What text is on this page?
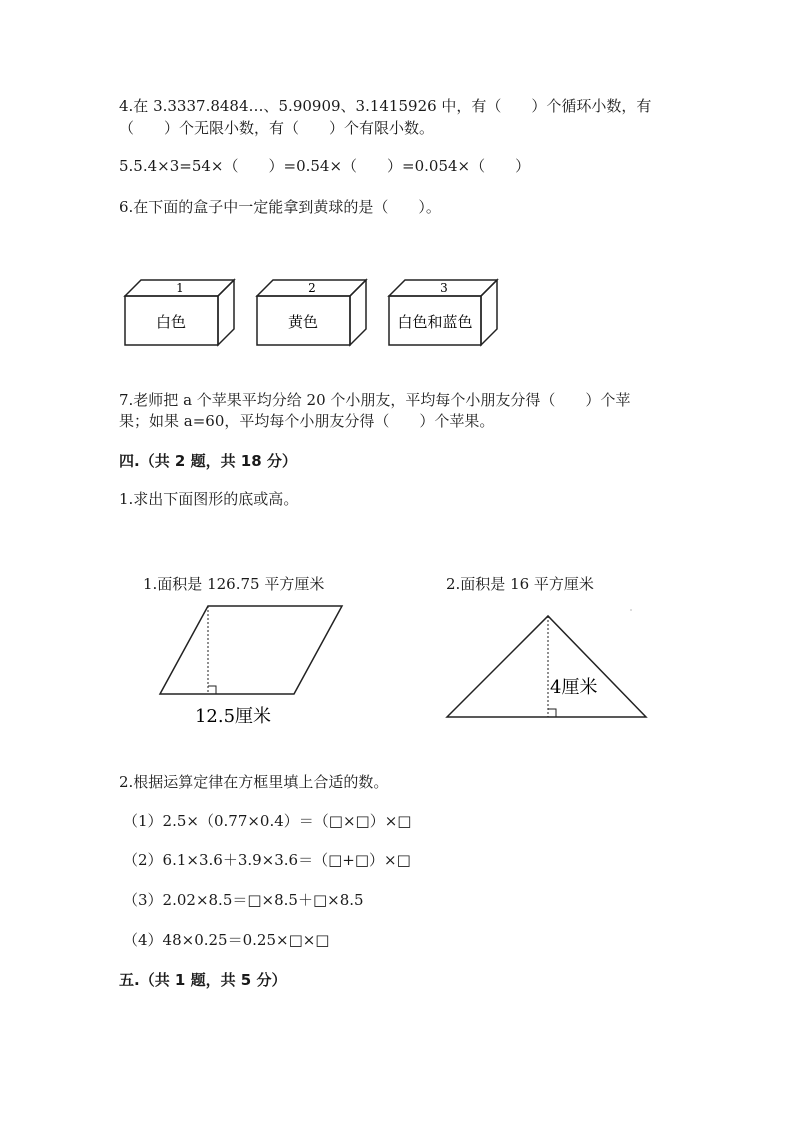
4.在 3.3337.8484…、5.90909、3.1415926 中，有（　　）个循环小数，有
（　　）个无限小数，有（　　）个有限小数。
5.5.4×3=54×（　　）=0.54×（　　）=0.054×（　　）
6.在下面的盒子中一定能拿到黄球的是（　　）。
1
白色
2
黄色
3
白色和蓝色
12.5厘米
4厘米
7.老师把 a 个苹果平均分给 20 个小朋友，平均每个小朋友分得（　　）个苹
果；如果 a=60，平均每个小朋友分得（　　）个苹果。
四.（共 2 题，共 18 分）
1.求出下面图形的底或高。
1.面积是 126.75 平方厘米	2.面积是 16 平方厘米
2.根据运算定律在方框里填上合适的数。
（1）2.5×（0.77×0.4）＝（□×□）×□
（2）6.1×3.6＋3.9×3.6＝（□+□）×□
（3）2.02×8.5＝□×8.5＋□×8.5
（4）48×0.25＝0.25×□×□
五.（共 1 题，共 5 分）
